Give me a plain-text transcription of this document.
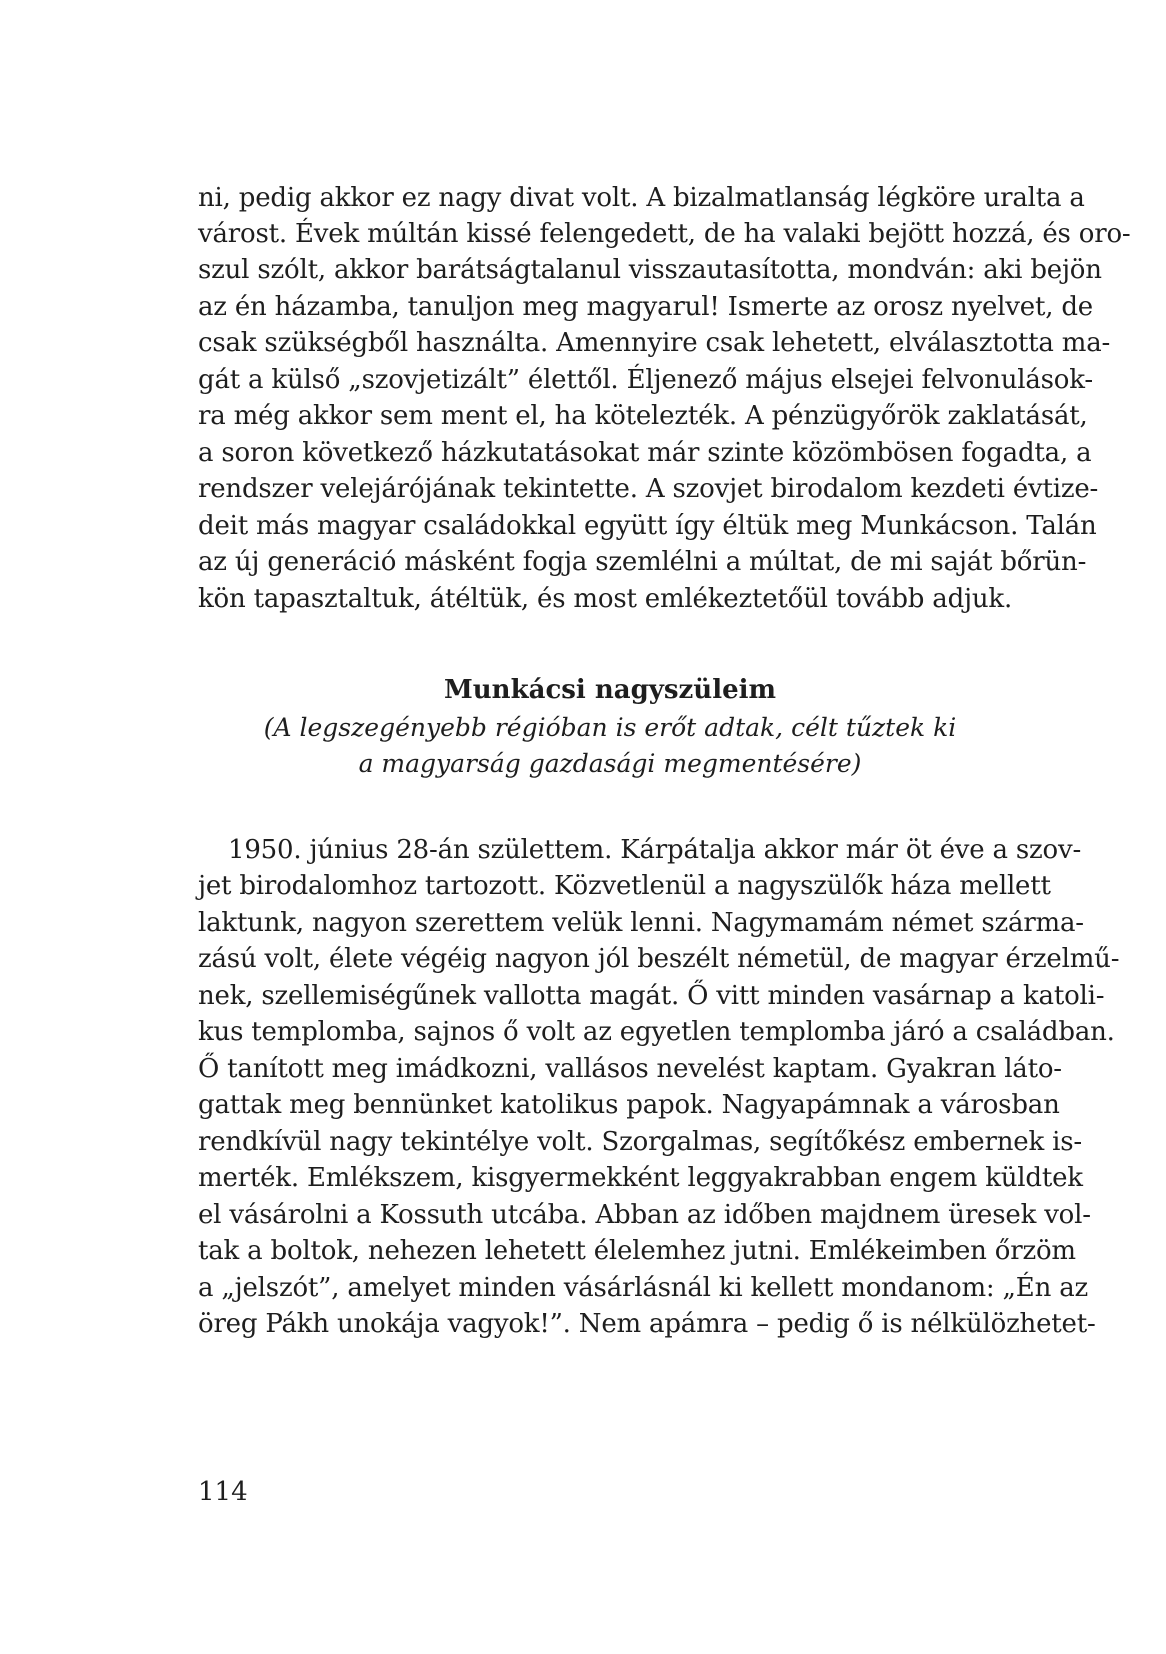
ni, pedig akkor ez nagy divat volt. A bizalmatlanság légköre uralta a
várost. Évek múltán kissé felengedett, de ha valaki bejött hozzá, és oro-
szul szólt, akkor barátságtalanul visszautasította, mondván: aki bejön
az én házamba, tanuljon meg magyarul! Ismerte az orosz nyelvet, de
csak szükségből használta. Amennyire csak lehetett, elválasztotta ma-
gát a külső „szovjetizált” élettől. Éljenező május elsejei felvonulások-
ra még akkor sem ment el, ha kötelezték. A pénzügyőrök zaklatását,
a soron következő házkutatásokat már szinte közömbösen fogadta, a
rendszer velejárójának tekintette. A szovjet birodalom kezdeti évtize-
deit más magyar családokkal együtt így éltük meg Munkácson. Talán
az új generáció másként fogja szemlélni a múltat, de mi saját bőrün-
kön tapasztaltuk, átéltük, és most emlékeztetőül tovább adjuk.
Munkácsi nagyszüleim
(A legszegényebb régióban is erőt adtak, célt tűztek ki
a magyarság gazdasági megmentésére)
1950. június 28-án születtem. Kárpátalja akkor már öt éve a szov-
jet birodalomhoz tartozott. Közvetlenül a nagyszülők háza mellett
laktunk, nagyon szerettem velük lenni. Nagymamám német szárma-
zású volt, élete végéig nagyon jól beszélt németül, de magyar érzelmű-
nek, szellemiségűnek vallotta magát. Ő vitt minden vasárnap a katoli-
kus templomba, sajnos ő volt az egyetlen templomba járó a családban.
Ő tanított meg imádkozni, vallásos nevelést kaptam. Gyakran láto-
gattak meg bennünket katolikus papok. Nagyapámnak a városban
rendkívül nagy tekintélye volt. Szorgalmas, segítőkész embernek is-
merték. Emlékszem, kisgyermekként leggyakrabban engem küldtek
el vásárolni a Kossuth utcába. Abban az időben majdnem üresek vol-
tak a boltok, nehezen lehetett élelemhez jutni. Emlékeimben őrzöm
a „jelszót”, amelyet minden vásárlásnál ki kellett mondanom: „Én az
öreg Pákh unokája vagyok!”. Nem apámra – pedig ő is nélkülözhetet-
114
